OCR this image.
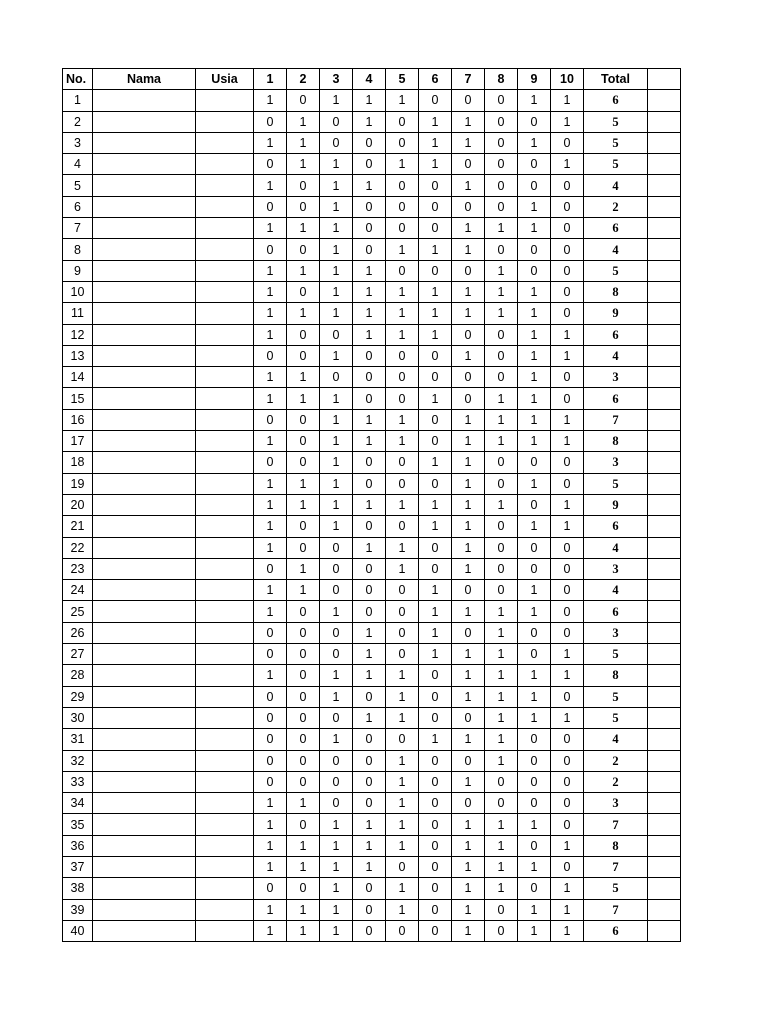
No.	Nama	Usia	1	2	3	4	5	6	7	8	9	10	Total	
1			1	0	1	1	1	0	0	0	1	1	6	
2			0	1	0	1	0	1	1	0	0	1	5	
3			1	1	0	0	0	1	1	0	1	0	5	
4			0	1	1	0	1	1	0	0	0	1	5	
5			1	0	1	1	0	0	1	0	0	0	4	
6			0	0	1	0	0	0	0	0	1	0	2	
7			1	1	1	0	0	0	1	1	1	0	6	
8			0	0	1	0	1	1	1	0	0	0	4	
9			1	1	1	1	0	0	0	1	0	0	5	
10			1	0	1	1	1	1	1	1	1	0	8	
11			1	1	1	1	1	1	1	1	1	0	9	
12			1	0	0	1	1	1	0	0	1	1	6	
13			0	0	1	0	0	0	1	0	1	1	4	
14			1	1	0	0	0	0	0	0	1	0	3	
15			1	1	1	0	0	1	0	1	1	0	6	
16			0	0	1	1	1	0	1	1	1	1	7	
17			1	0	1	1	1	0	1	1	1	1	8	
18			0	0	1	0	0	1	1	0	0	0	3	
19			1	1	1	0	0	0	1	0	1	0	5	
20			1	1	1	1	1	1	1	1	0	1	9	
21			1	0	1	0	0	1	1	0	1	1	6	
22			1	0	0	1	1	0	1	0	0	0	4	
23			0	1	0	0	1	0	1	0	0	0	3	
24			1	1	0	0	0	1	0	0	1	0	4	
25			1	0	1	0	0	1	1	1	1	0	6	
26			0	0	0	1	0	1	0	1	0	0	3	
27			0	0	0	1	0	1	1	1	0	1	5	
28			1	0	1	1	1	0	1	1	1	1	8	
29			0	0	1	0	1	0	1	1	1	0	5	
30			0	0	0	1	1	0	0	1	1	1	5	
31			0	0	1	0	0	1	1	1	0	0	4	
32			0	0	0	0	1	0	0	1	0	0	2	
33			0	0	0	0	1	0	1	0	0	0	2	
34			1	1	0	0	1	0	0	0	0	0	3	
35			1	0	1	1	1	0	1	1	1	0	7	
36			1	1	1	1	1	0	1	1	0	1	8	
37			1	1	1	1	0	0	1	1	1	0	7	
38			0	0	1	0	1	0	1	1	0	1	5	
39			1	1	1	0	1	0	1	0	1	1	7	
40			1	1	1	0	0	0	1	0	1	1	6	
